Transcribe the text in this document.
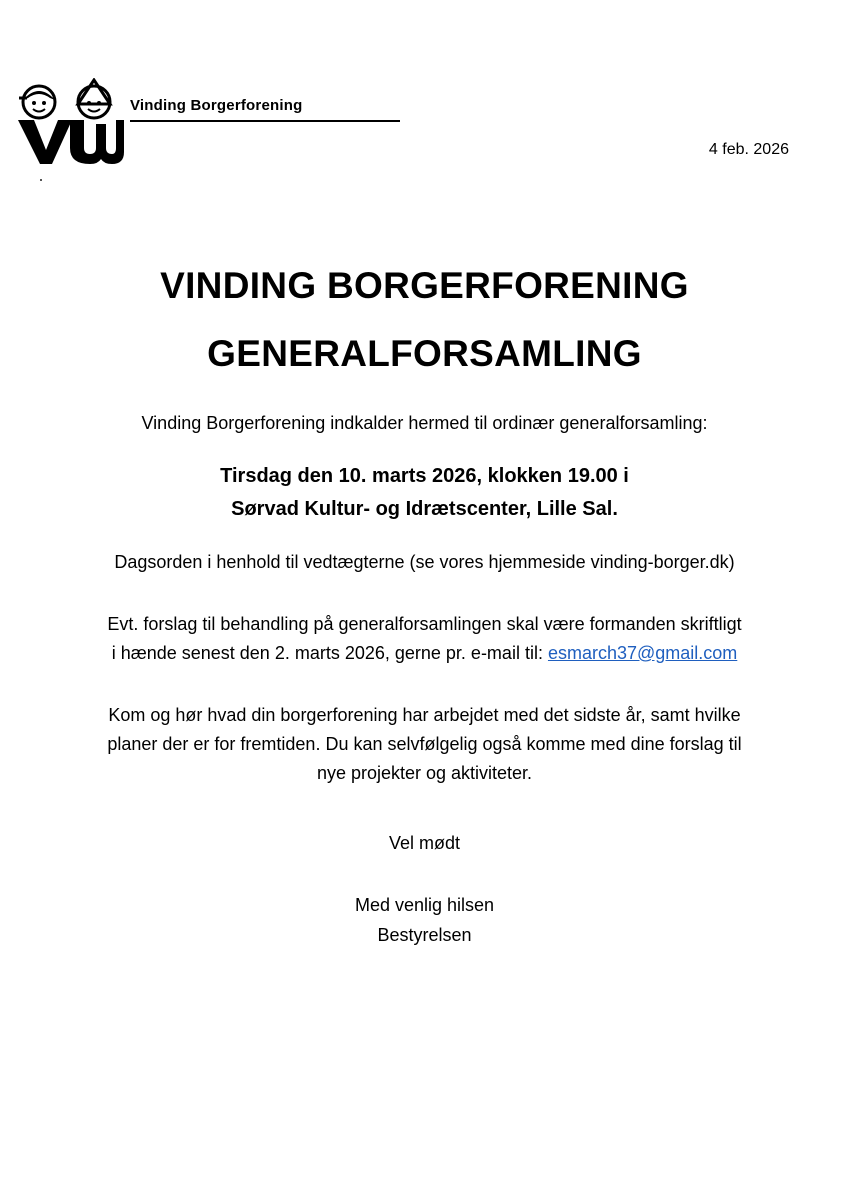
Vinding Borgerforening
4 feb. 2026
VINDING BORGERFORENING
GENERALFORSAMLING
Vinding Borgerforening indkalder hermed til ordinær generalforsamling:
Tirsdag den 10. marts 2026, klokken 19.00 i
Sørvad Kultur- og Idrætscenter, Lille Sal.
Dagsorden i henhold til vedtægterne (se vores hjemmeside vinding-borger.dk)
Evt. forslag til behandling på generalforsamlingen skal være formanden skriftligt
i hænde senest den 2. marts 2026, gerne pr. e-mail til: esmarch37@gmail.com
Kom og hør hvad din borgerforening har arbejdet med det sidste år, samt hvilke
planer der er for fremtiden. Du kan selvfølgelig også komme med dine forslag til
nye projekter og aktiviteter.
Vel mødt
Med venlig hilsen
Bestyrelsen
